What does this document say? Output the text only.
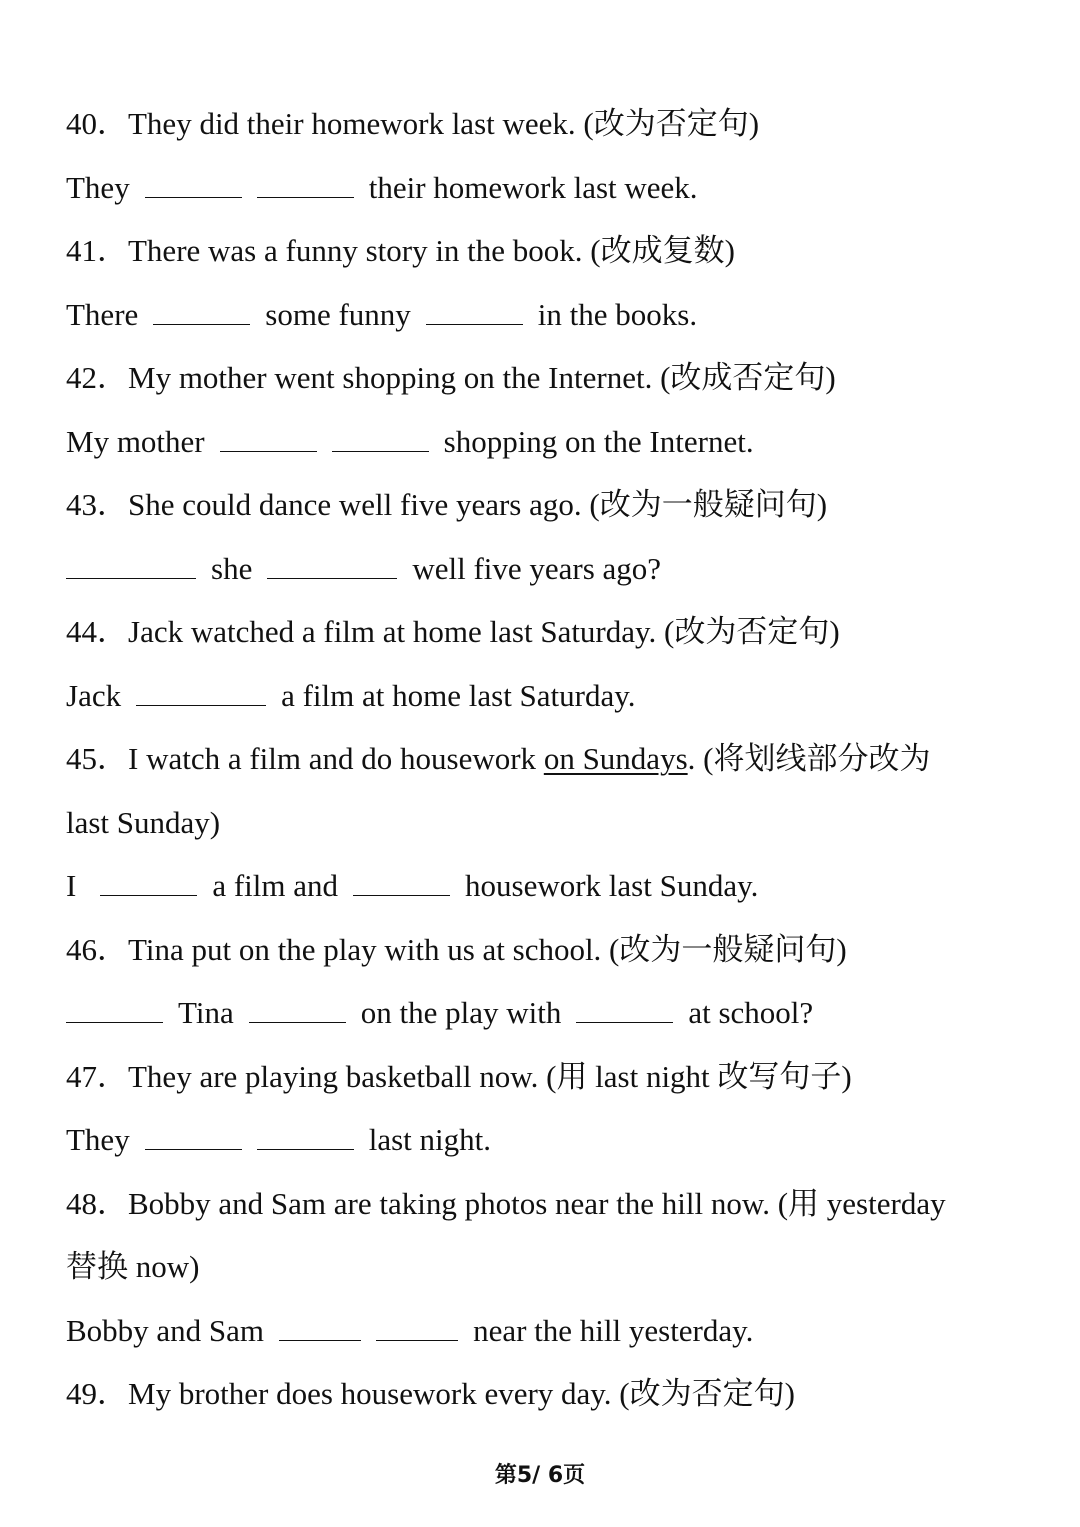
40．They did their homework last week. (改为否定句)
They	their homework last week.
41．There was a funny story in the book. (改成复数)
There	some funny	in the books.
42．My mother went shopping on the Internet. (改成否定句)
My mother	shopping on the Internet.
43．She could dance well five years ago. (改为一般疑问句)
she	well five years ago?
44．Jack watched a film at home last Saturday. (改为否定句)
Jack	a film at home last Saturday.
45．I watch a film and do housework on Sundays. (将划线部分改为
last Sunday)
I	a film and	housework last Sunday.
46．Tina put on the play with us at school. (改为一般疑问句)
Tina	on the play with	at school?
47．They are playing basketball now. (用 last night 改写句子)
They	last night.
48．Bobby and Sam are taking photos near the hill now. (用 yesterday
替换 now)
Bobby and Sam	near the hill yesterday.
49．My brother does housework every day. (改为否定句)
第5/ 6页
